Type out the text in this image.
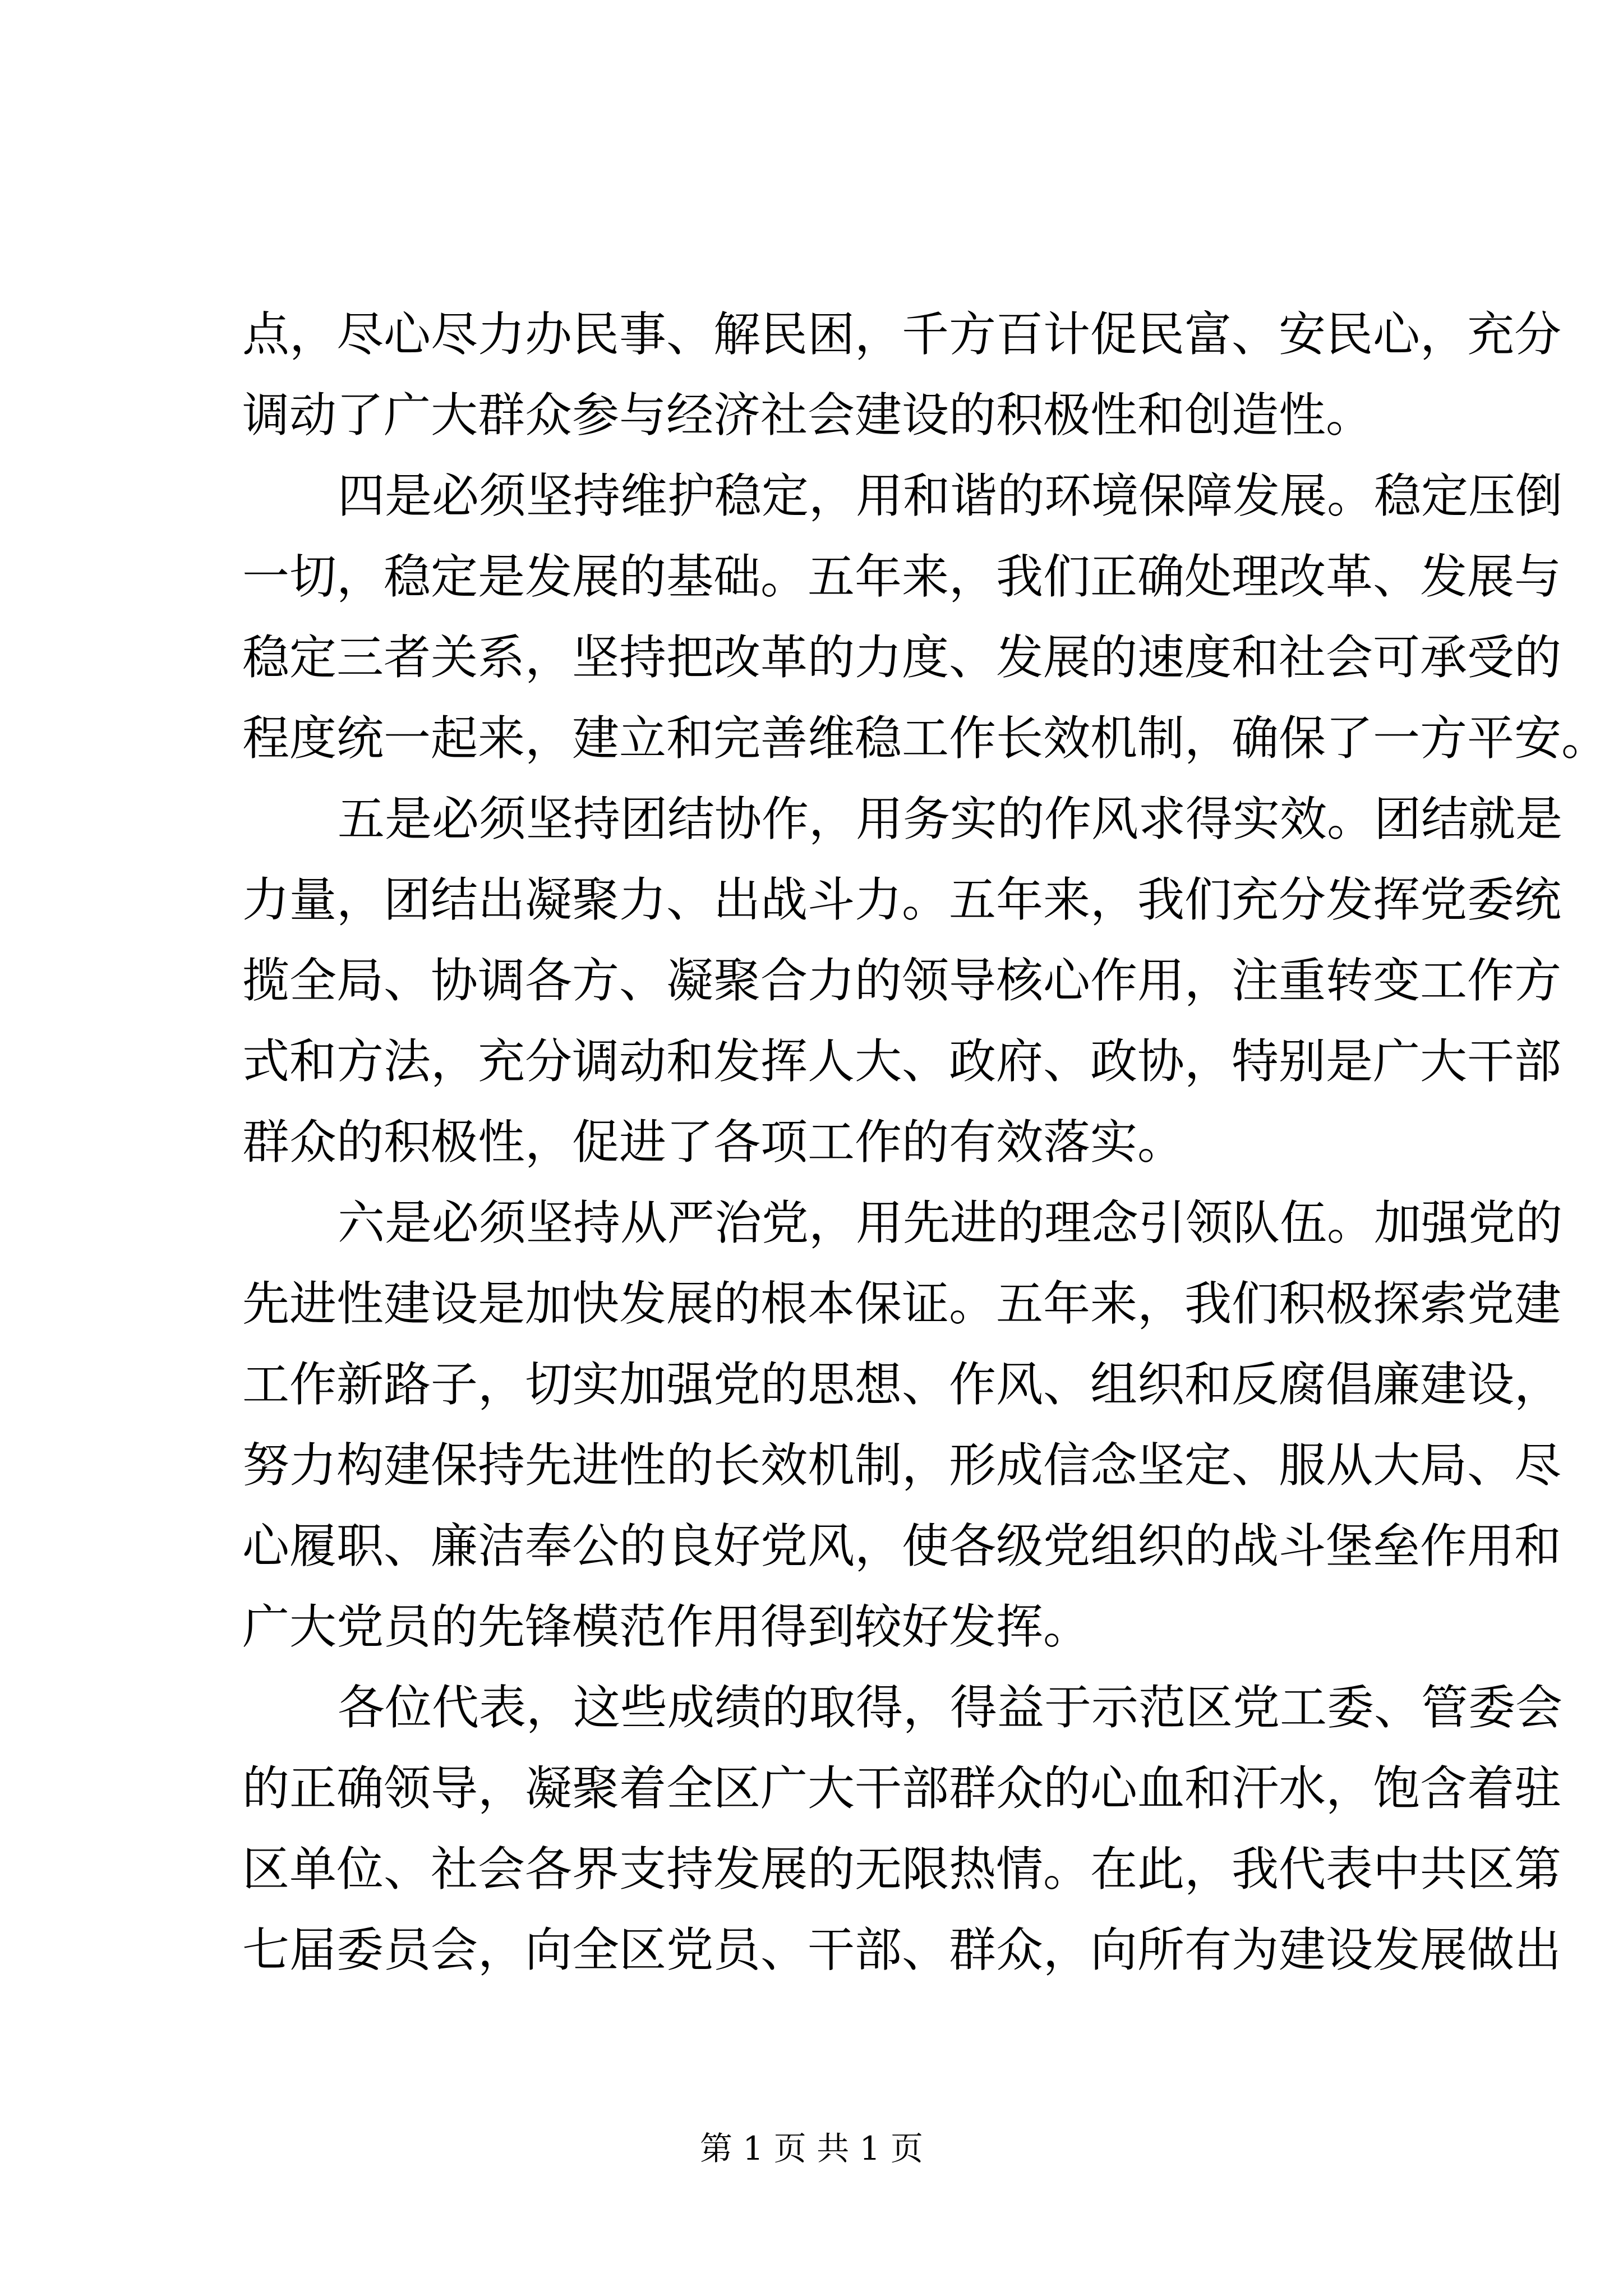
点，尽心尽力办民事、解民困，千方百计促民富、安民心，充分
调动了广大群众参与经济社会建设的积极性和创造性。
四是必须坚持维护稳定，用和谐的环境保障发展。稳定压倒
一切，稳定是发展的基础。五年来，我们正确处理改革、发展与
稳定三者关系，坚持把改革的力度、发展的速度和社会可承受的
程度统一起来，建立和完善维稳工作长效机制，确保了一方平安。
五是必须坚持团结协作，用务实的作风求得实效。团结就是
力量，团结出凝聚力、出战斗力。五年来，我们充分发挥党委统
揽全局、协调各方、凝聚合力的领导核心作用，注重转变工作方
式和方法，充分调动和发挥人大、政府、政协，特别是广大干部
群众的积极性，促进了各项工作的有效落实。
六是必须坚持从严治党，用先进的理念引领队伍。加强党的
先进性建设是加快发展的根本保证。五年来，我们积极探索党建
工作新路子，切实加强党的思想、作风、组织和反腐倡廉建设，
努力构建保持先进性的长效机制，形成信念坚定、服从大局、尽
心履职、廉洁奉公的良好党风，使各级党组织的战斗堡垒作用和
广大党员的先锋模范作用得到较好发挥。
各位代表，这些成绩的取得，得益于示范区党工委、管委会
的正确领导，凝聚着全区广大干部群众的心血和汗水，饱含着驻
区单位、社会各界支持发展的无限热情。在此，我代表中共区第
七届委员会，向全区党员、干部、群众，向所有为建设发展做出
第 1 页 共 1 页
